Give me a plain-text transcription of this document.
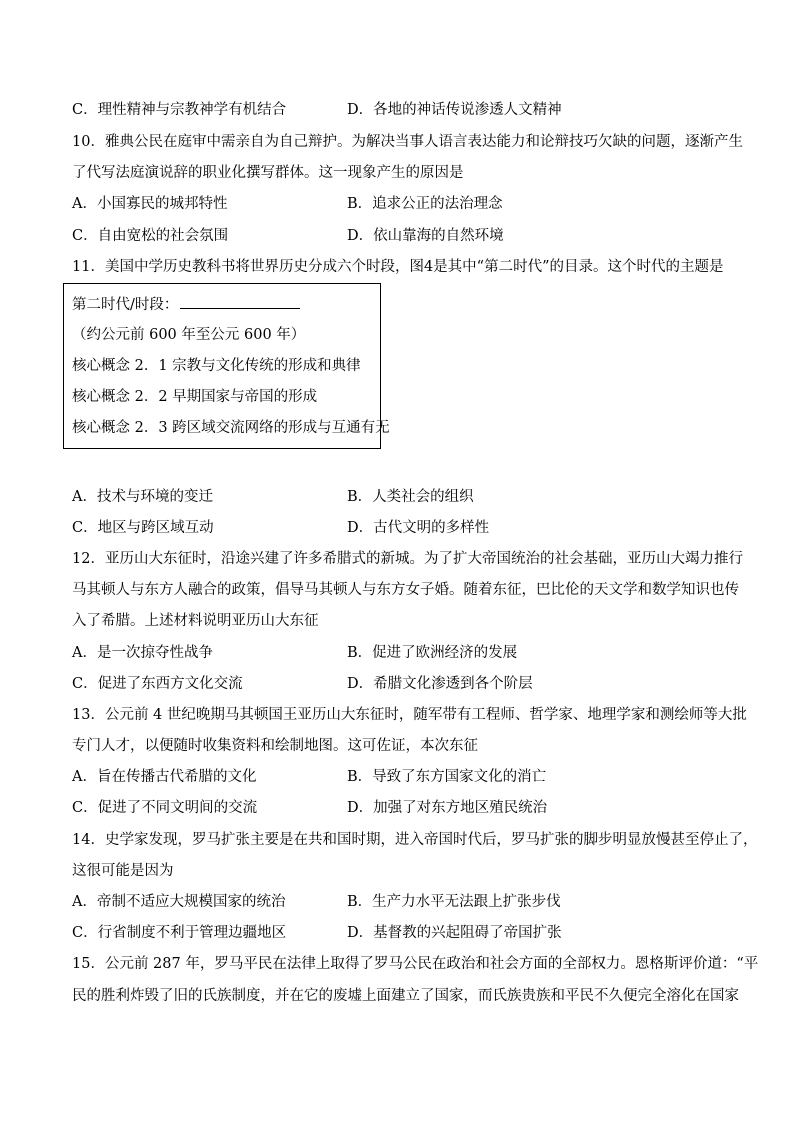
C．理性精神与宗教神学有机结合	D．各地的神话传说渗透人文精神
10．雅典公民在庭审中需亲自为自己辩护。为解决当事人语言表达能力和论辩技巧欠缺的问题，逐渐产生
了代写法庭演说辞的职业化撰写群体。这一现象产生的原因是
A．小国寡民的城邦特性	B．追求公正的法治理念
C．自由宽松的社会氛围	D．依山靠海的自然环境
11．美国中学历史教科书将世界历史分成六个时段，图4是其中“第二时代”的目录。这个时代的主题是
第二时代/时段：
（约公元前 600 年至公元 600 年）
核心概念 2．1 宗教与文化传统的形成和典律
核心概念 2．2 早期国家与帝国的形成
核心概念 2．3 跨区域交流网络的形成与互通有无
A．技术与环境的变迁	B．人类社会的组织
C．地区与跨区域互动	D．古代文明的多样性
12．亚历山大东征时，沿途兴建了许多希腊式的新城。为了扩大帝国统治的社会基础，亚历山大竭力推行
马其顿人与东方人融合的政策，倡导马其顿人与东方女子婚。随着东征，巴比伦的天文学和数学知识也传
入了希腊。上述材料说明亚历山大东征
A．是一次掠夺性战争	B．促进了欧洲经济的发展
C．促进了东西方文化交流	D．希腊文化渗透到各个阶层
13．公元前 4 世纪晚期马其顿国王亚历山大东征时，随军带有工程师、哲学家、地理学家和测绘师等大批
专门人才，以便随时收集资料和绘制地图。这可佐证，本次东征
A．旨在传播古代希腊的文化	B．导致了东方国家文化的消亡
C．促进了不同文明间的交流	D．加强了对东方地区殖民统治
14．史学家发现，罗马扩张主要是在共和国时期，进入帝国时代后，罗马扩张的脚步明显放慢甚至停止了，
这很可能是因为
A．帝制不适应大规模国家的统治	B．生产力水平无法跟上扩张步伐
C．行省制度不利于管理边疆地区	D．基督教的兴起阻碍了帝国扩张
15．公元前 287 年，罗马平民在法律上取得了罗马公民在政治和社会方面的全部权力。恩格斯评价道：“平
民的胜利炸毁了旧的氏族制度，并在它的废墟上面建立了国家，而氏族贵族和平民不久便完全溶化在国家
